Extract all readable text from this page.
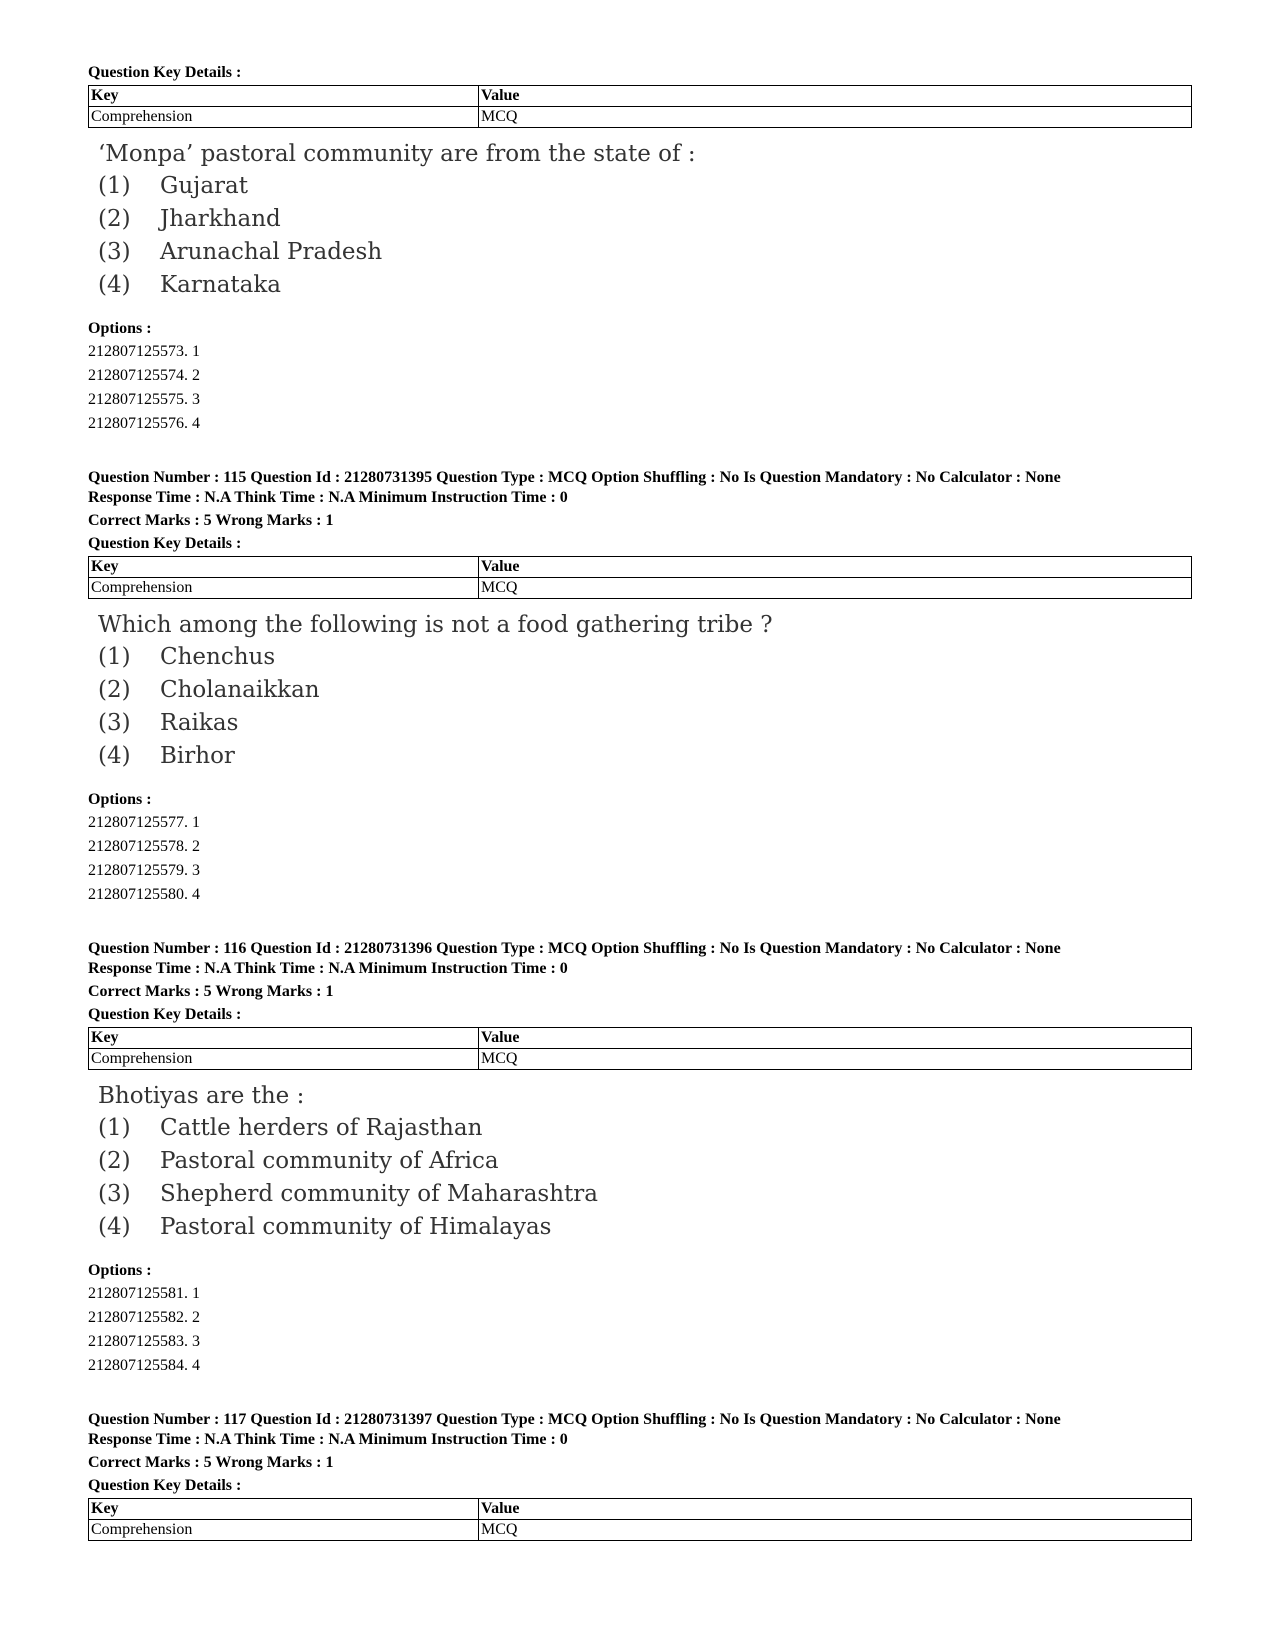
Question Key Details :
Key	Value
Comprehension	MCQ
‘Monpa’ pastoral community are from the state of :
(1)	Gujarat
(2)	Jharkhand
(3)	Arunachal Pradesh
(4)	Karnataka
Options :
212807125573. 1
212807125574. 2
212807125575. 3
212807125576. 4
Question Number : 115 Question Id : 21280731395 Question Type : MCQ Option Shuffling : No Is Question Mandatory : No Calculator : None
Response Time : N.A Think Time : N.A Minimum Instruction Time : 0
Correct Marks : 5 Wrong Marks : 1
Question Key Details :
Key	Value
Comprehension	MCQ
Which among the following is not a food gathering tribe ?
(1)	Chenchus
(2)	Cholanaikkan
(3)	Raikas
(4)	Birhor
Options :
212807125577. 1
212807125578. 2
212807125579. 3
212807125580. 4
Question Number : 116 Question Id : 21280731396 Question Type : MCQ Option Shuffling : No Is Question Mandatory : No Calculator : None
Response Time : N.A Think Time : N.A Minimum Instruction Time : 0
Correct Marks : 5 Wrong Marks : 1
Question Key Details :
Key	Value
Comprehension	MCQ
Bhotiyas are the :
(1)	Cattle herders of Rajasthan
(2)	Pastoral community of Africa
(3)	Shepherd community of Maharashtra
(4)	Pastoral community of Himalayas
Options :
212807125581. 1
212807125582. 2
212807125583. 3
212807125584. 4
Question Number : 117 Question Id : 21280731397 Question Type : MCQ Option Shuffling : No Is Question Mandatory : No Calculator : None
Response Time : N.A Think Time : N.A Minimum Instruction Time : 0
Correct Marks : 5 Wrong Marks : 1
Question Key Details :
Key	Value
Comprehension	MCQ
